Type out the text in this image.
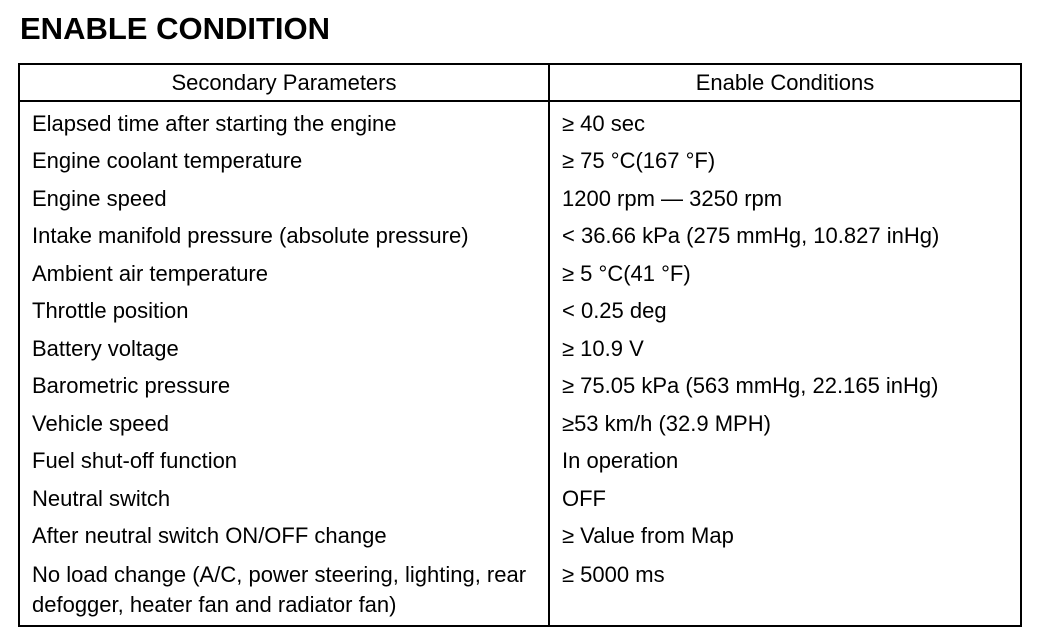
ENABLE CONDITION
Secondary Parameters	Enable Conditions
Elapsed time after starting the engine	≥ 40 sec
Engine coolant temperature	≥ 75 °C(167 °F)
Engine speed	1200 rpm — 3250 rpm
Intake manifold pressure (absolute pressure)	< 36.66 kPa (275 mmHg, 10.827 inHg)
Ambient air temperature	≥ 5 °C(41 °F)
Throttle position	< 0.25 deg
Battery voltage	≥ 10.9 V
Barometric pressure	≥ 75.05 kPa (563 mmHg, 22.165 inHg)
Vehicle speed	≥53 km/h (32.9 MPH)
Fuel shut-off function	In operation
Neutral switch	OFF
After neutral switch ON/OFF change	≥ Value from Map
No load change (A/C, power steering, lighting, rear defogger, heater fan and radiator fan)	≥ 5000 ms
